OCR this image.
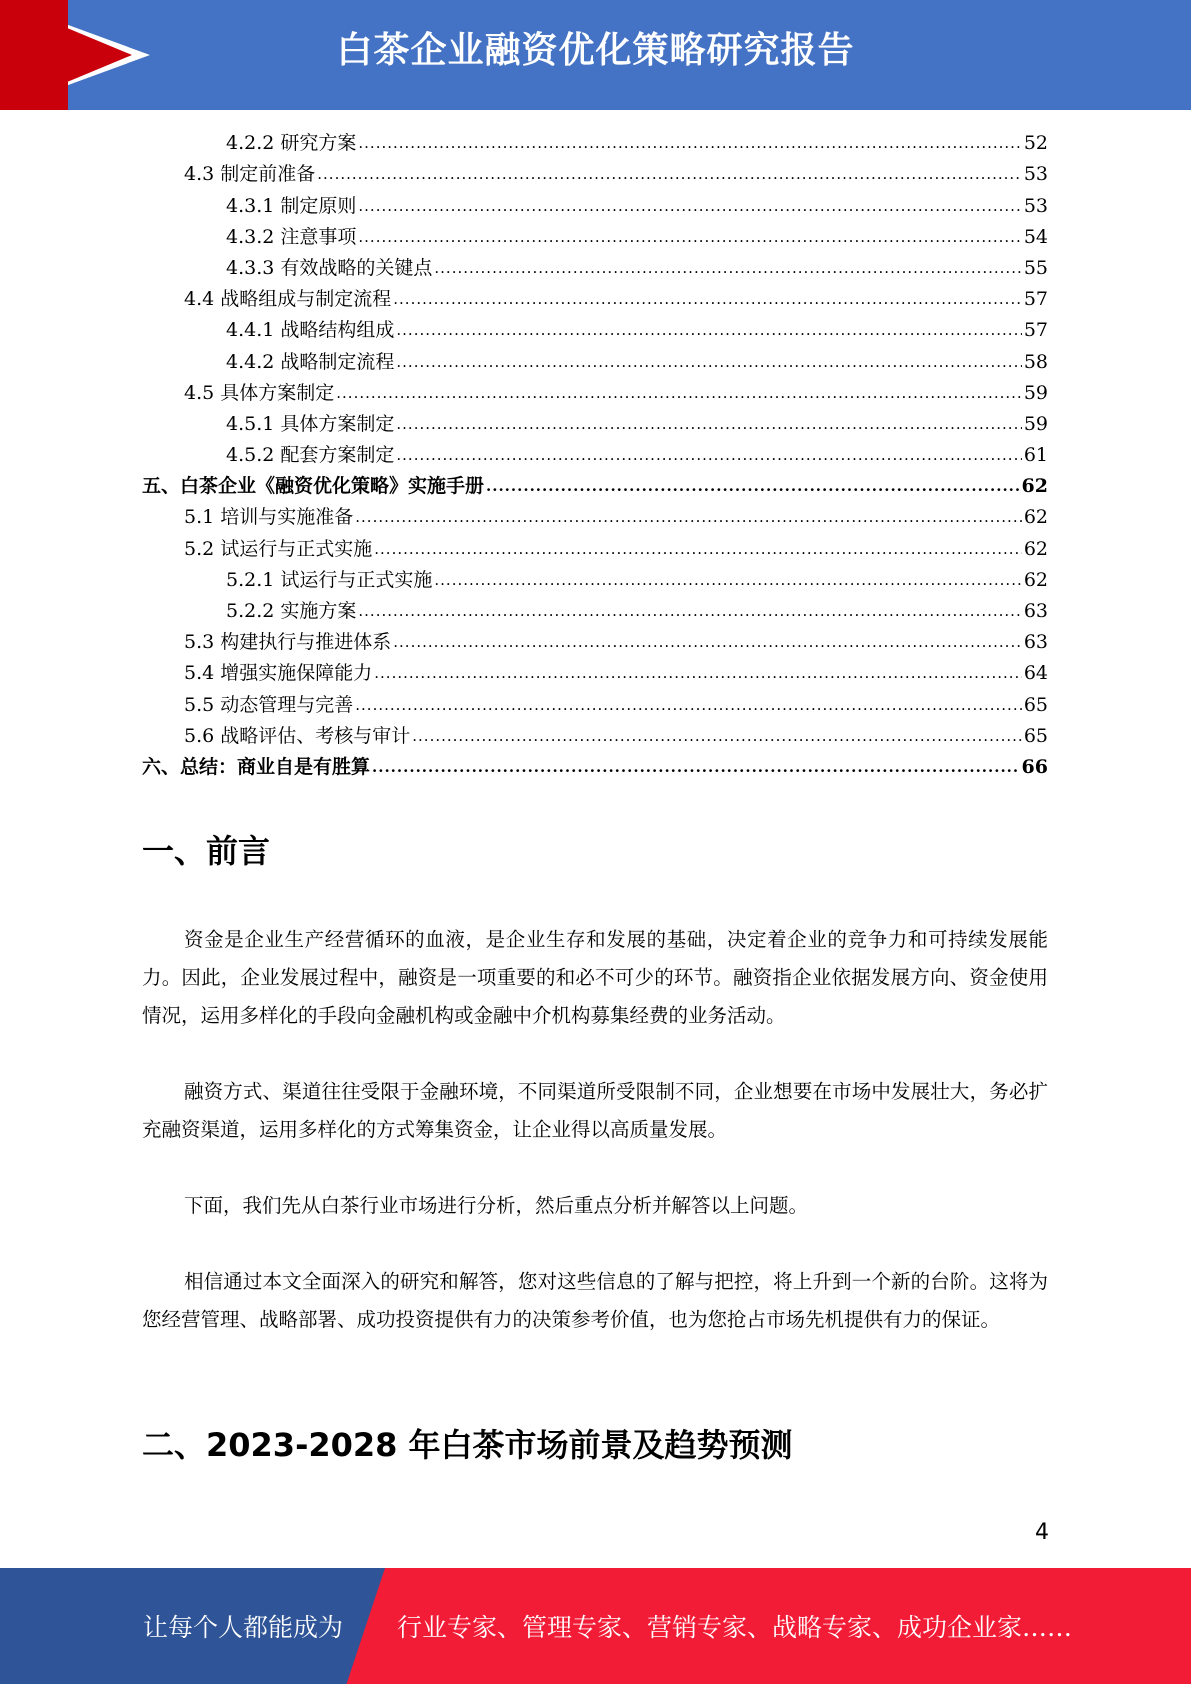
白茶企业融资优化策略研究报告
4.2.2 研究方案 .....	52
4.3 制定前准备 .....	53
4.3.1 制定原则 .....	53
4.3.2 注意事项 .....	54
4.3.3 有效战略的关键点 .....	55
4.4 战略组成与制定流程 .....	57
4.4.1 战略结构组成 .....	57
4.4.2 战略制定流程 .....	58
4.5 具体方案制定 .....	59
4.5.1 具体方案制定 .....	59
4.5.2 配套方案制定 .....	61
五、白茶企业《融资优化策略》实施手册 .....	62
5.1 培训与实施准备 .....	62
5.2 试运行与正式实施 .....	62
5.2.1 试运行与正式实施 .....	62
5.2.2 实施方案 .....	63
5.3 构建执行与推进体系 .....	63
5.4 增强实施保障能力 .....	64
5.5 动态管理与完善 .....	65
5.6 战略评估、考核与审计 .....	65
六、总结：商业自是有胜算 .....	66
一、前言
资金是企业生产经营循环的血液，是企业生存和发展的基础，决定着企业的竞争力和可持续发展能力。因此，企业发展过程中，融资是一项重要的和必不可少的环节。融资指企业依据发展方向、资金使用情况，运用多样化的手段向金融机构或金融中介机构募集经费的业务活动。
融资方式、渠道往往受限于金融环境，不同渠道所受限制不同，企业想要在市场中发展壮大，务必扩充融资渠道，运用多样化的方式筹集资金，让企业得以高质量发展。
下面，我们先从白茶行业市场进行分析，然后重点分析并解答以上问题。
相信通过本文全面深入的研究和解答，您对这些信息的了解与把控，将上升到一个新的台阶。这将为您经营管理、战略部署、成功投资提供有力的决策参考价值，也为您抢占市场先机提供有力的保证。
二、2023-2028 年白茶市场前景及趋势预测
4
让每个人都能成为 行业专家、管理专家、营销专家、战略专家、成功企业家……
